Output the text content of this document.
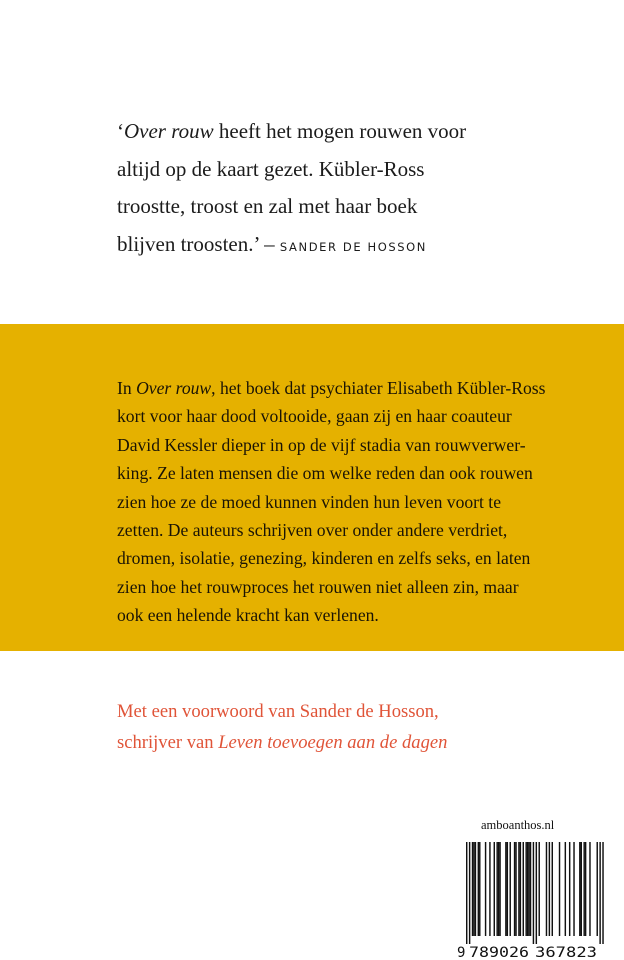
‘Over rouw heeft het mogen rouwen voor
altijd op de kaart gezet. Kübler-Ross
troostte, troost en zal met haar boek
blijven troosten.’ – SANDER DE HOSSON
In Over rouw, het boek dat psychiater Elisabeth Kübler-Ross
kort voor haar dood voltooide, gaan zij en haar coauteur
David Kessler dieper in op de vijf stadia van rouwverwer-
king. Ze laten mensen die om welke reden dan ook rouwen
zien hoe ze de moed kunnen vinden hun leven voort te
zetten. De auteurs schrijven over onder andere verdriet,
dromen, isolatie, genezing, kinderen en zelfs seks, en laten
zien hoe het rouwproces het rouwen niet alleen zin, maar
ook een helende kracht kan verlenen.
Met een voorwoord van Sander de Hosson,
schrijver van Leven toevoegen aan de dagen
amboanthos.nl
9 789026 367823
